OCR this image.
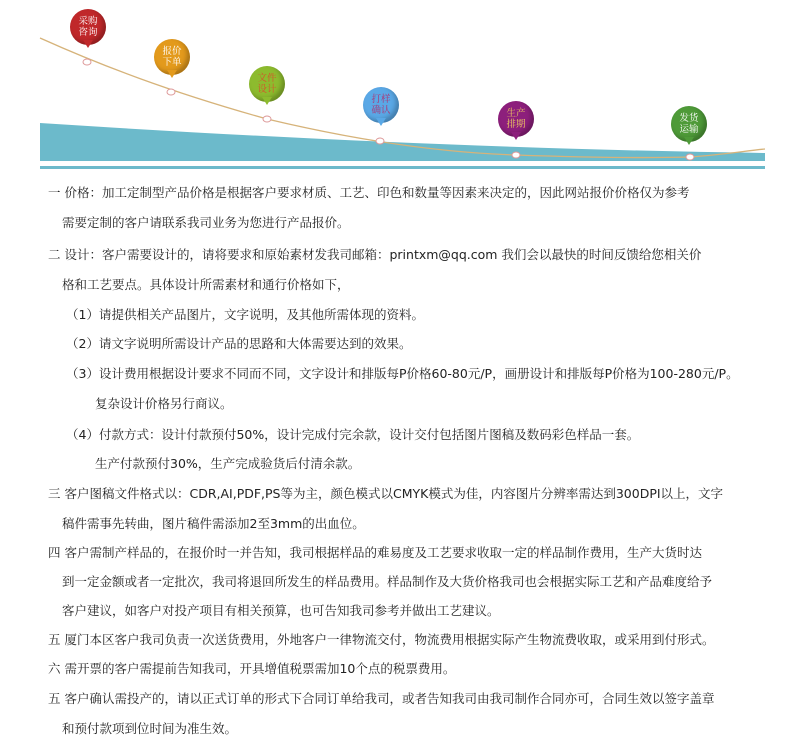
采购
咨询
报价
下单
文件
设计
打样
确认	生产
排期
发货
运输
一 价格：加工定制型产品价格是根据客户要求材质、工艺、印色和数量等因素来决定的，因此网站报价价格仅为参考
需要定制的客户请联系我司业务为您进行产品报价。
二 设计：客户需要设计的，请将要求和原始素材发我司邮箱：printxm@qq.com 我们会以最快的时间反馈给您相关价
格和工艺要点。具体设计所需素材和通行价格如下，
（1）请提供相关产品图片，文字说明，及其他所需体现的资料。
（2）请文字说明所需设计产品的思路和大体需要达到的效果。
（3）设计费用根据设计要求不同而不同，文字设计和排版每P价格60-80元/P，画册设计和排版每P价格为100-280元/P。
复杂设计价格另行商议。
（4）付款方式：设计付款预付50%，设计完成付完余款，设计交付包括图片图稿及数码彩色样品一套。
生产付款预付30%，生产完成验货后付清余款。
三 客户图稿文件格式以：CDR,AI,PDF,PS等为主，颜色模式以CMYK模式为佳，内容图片分辨率需达到300DPI以上，文字
稿件需事先转曲，图片稿件需添加2至3mm的出血位。
四 客户需制产样品的，在报价时一并告知，我司根据样品的难易度及工艺要求收取一定的样品制作费用，生产大货时达
到一定金额或者一定批次，我司将退回所发生的样品费用。样品制作及大货价格我司也会根据实际工艺和产品难度给予
客户建议，如客户对投产项目有相关预算，也可告知我司参考并做出工艺建议。
五 厦门本区客户我司负责一次送货费用，外地客户一律物流交付，物流费用根据实际产生物流费收取，或采用到付形式。
六 需开票的客户需提前告知我司，开具增值税票需加10个点的税票费用。
五 客户确认需投产的，请以正式订单的形式下合同订单给我司，或者告知我司由我司制作合同亦可，合同生效以签字盖章
和预付款项到位时间为准生效。
